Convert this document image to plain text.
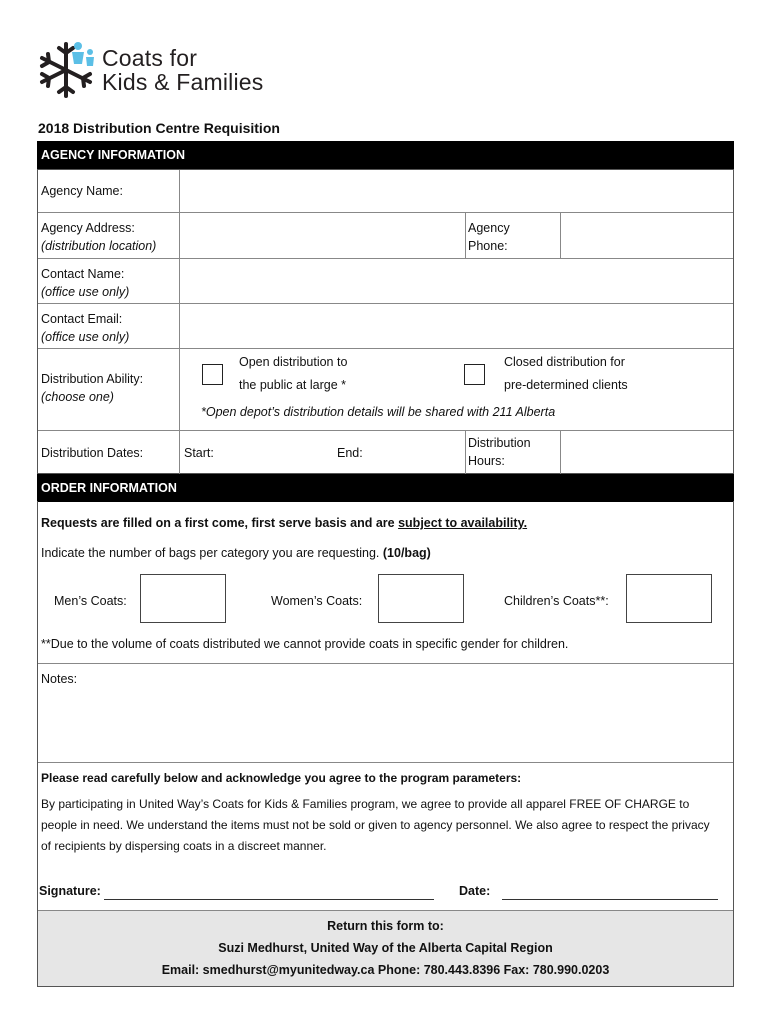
Coats for
Kids & Families
2018 Distribution Centre Requisition
AGENCY INFORMATION
Agency Name:
Agency Address:
(distribution location)
Agency
Phone:
Contact Name:
(office use only)
Contact Email:
(office use only)
Distribution Ability:
(choose one)
Open distribution to
the public at large *
Closed distribution for
pre-determined clients
*Open depot’s distribution details will be shared with 211 Alberta
Distribution Dates:	Start:	End:
Distribution
Hours:
ORDER INFORMATION
Requests are filled on a first come, first serve basis and are subject to availability.
Indicate the number of bags per category you are requesting. (10/bag)
Men’s Coats:	Women’s Coats:	Children’s Coats**:
**Due to the volume of coats distributed we cannot provide coats in specific gender for children.
Notes:
Please read carefully below and acknowledge you agree to the program parameters:
By participating in United Way’s Coats for Kids & Families program, we agree to provide all apparel FREE OF CHARGE to people in need. We understand the items must not be sold or given to agency personnel. We also agree to respect the privacy of recipients by dispersing coats in a discreet manner.
Signature:	Date:
Return this form to:
Suzi Medhurst, United Way of the Alberta Capital Region
Email: smedhurst@myunitedway.ca Phone: 780.443.8396 Fax: 780.990.0203
